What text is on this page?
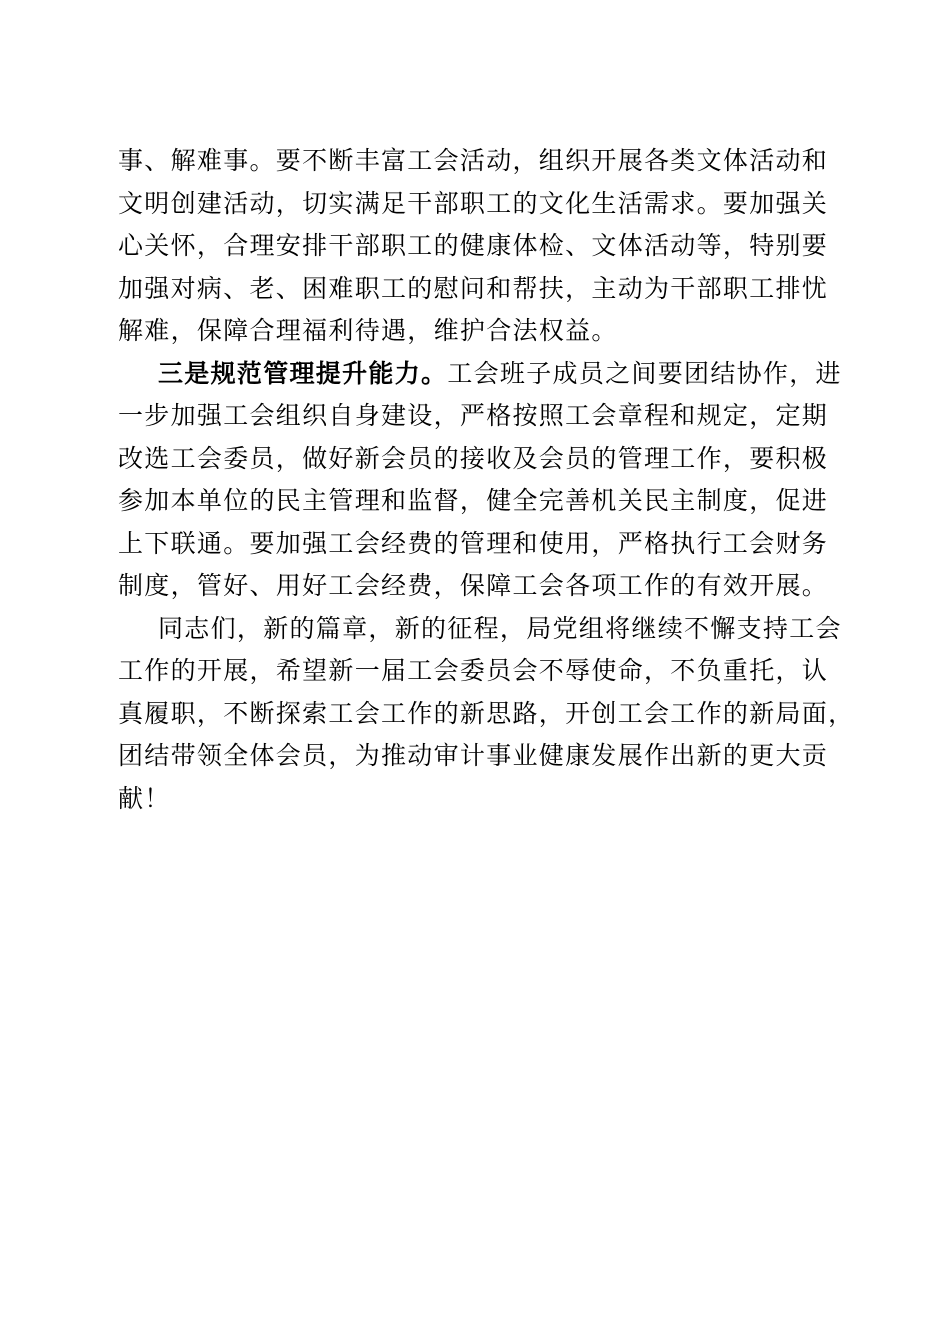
事、解难事。要不断丰富工会活动，组织开展各类文体活动和
文明创建活动，切实满足干部职工的文化生活需求。要加强关
心关怀，合理安排干部职工的健康体检、文体活动等，特别要
加强对病、老、困难职工的慰问和帮扶，主动为干部职工排忧
解难，保障合理福利待遇，维护合法权益。
三是规范管理提升能力。工会班子成员之间要团结协作，进
一步加强工会组织自身建设，严格按照工会章程和规定，定期
改选工会委员，做好新会员的接收及会员的管理工作，要积极
参加本单位的民主管理和监督，健全完善机关民主制度，促进
上下联通。要加强工会经费的管理和使用，严格执行工会财务
制度，管好、用好工会经费，保障工会各项工作的有效开展。
同志们，新的篇章，新的征程，局党组将继续不懈支持工会
工作的开展，希望新一届工会委员会不辱使命，不负重托，认
真履职，不断探索工会工作的新思路，开创工会工作的新局面，
团结带领全体会员，为推动审计事业健康发展作出新的更大贡
献！
